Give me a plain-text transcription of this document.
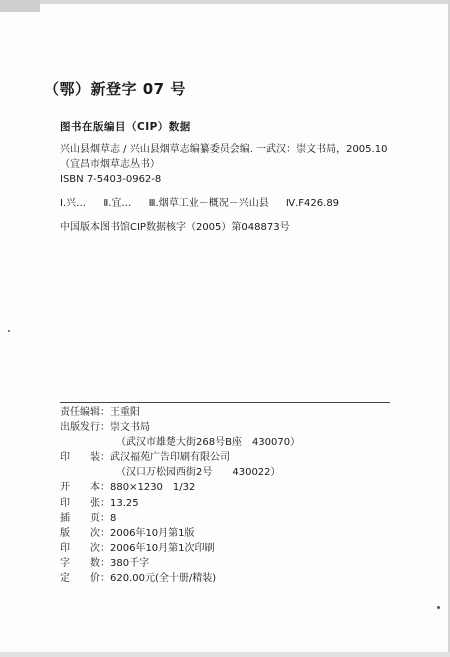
（鄂）新登字 07 号
图书在版编目（CIP）数据
兴山县烟草志 / 兴山县烟草志编纂委员会编. 一武汉：崇文书局，2005.10
（宜昌市烟草志丛书）
ISBN 7-5403-0962-8
Ⅰ.兴… Ⅱ.宜… Ⅲ.烟草工业－概况－兴山县 Ⅳ.F426.89
中国版本图书馆CIP数据核字（2005）第048873号
责任编辑： 王重阳
出版发行： 崇文书局
（武汉市雄楚大街268号B座　430070）
印　　装： 武汉福苑广告印刷有限公司
（汉口万松园西街2号　　430022）
开　　本： 880×1230　1/32
印　　张： 13.25
插　　页： 8
版　　次： 2006年10月第1版
印　　次： 2006年10月第1次印刷
字　　数： 380千字
定　　价： 620.00元(全十册/精装)
